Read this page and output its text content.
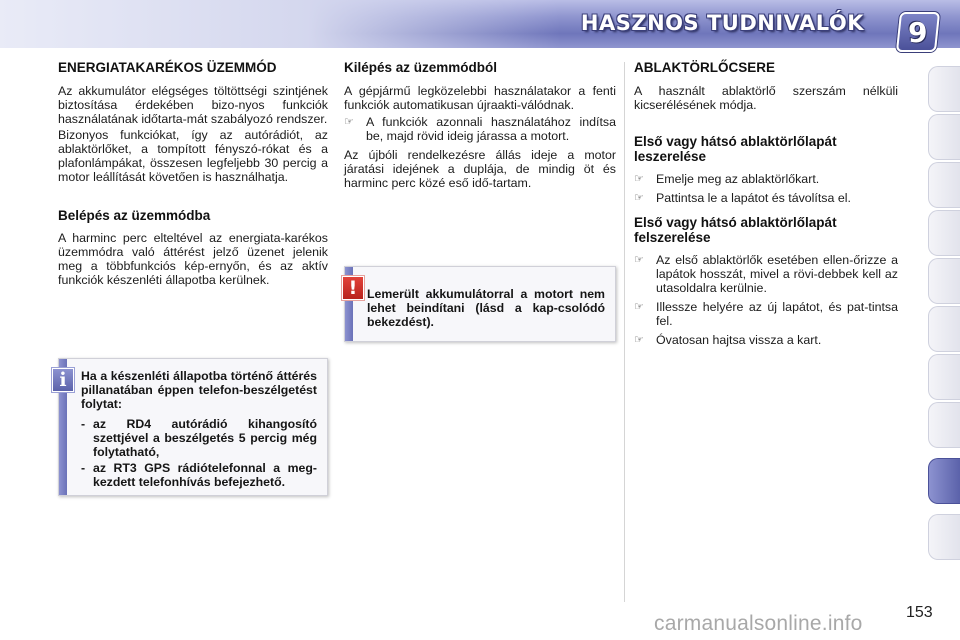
HASZNOS TUDNIVALÓK 9
ENERGIATAKARÉKOS ÜZEMMÓD

Az akkumulátor elégséges töltöttségi szintjének biztosítása érdekében bizo-nyos funkciók használatának időtarta-mát szabályozó rendszer.

Bizonyos funkciókat, így az autórádiót, az ablaktörlőket, a tompított fényszó-rókat és a plafonlámpákat, összesen legfeljebb 30 percig a motor leállítását követően is használhatja.

Belépés az üzemmódba

A harminc perc elteltével az energiata-karékos üzemmódra való áttérést jelző üzenet jelenik meg a többfunkciós kép-ernyőn, és az aktív funkciók készenléti állapotba kerülnek.

Ha a készenléti állapotba történő áttérés pillanatában éppen telefon-beszélgetést folytat:
- az RD4 autórádió kihangosító szettjével a beszélgetés 5 percig még folytatható,
- az RT3 GPS rádiótelefonnal a meg-kezdett telefonhívás befejezhető.
i
Kilépés az üzemmódból

A gépjármű legközelebbi használatakor a fenti funkciók automatikusan újraakti-válódnak.

☞ A funkciók azonnali használatához indítsa be, majd rövid ideig járassa a motort.

Az újbóli rendelkezésre állás ideje a motor járatási idejének a duplája, de mindig öt és harminc perc közé eső idő-tartam.

Lemerült akkumulátorral a motort nem lehet beindítani (lásd a kap-csolódó bekezdést).
!
ABLAKTÖRLŐCSERE

A használt ablaktörlő szerszám nélküli kicserélésének módja.

Első vagy hátsó ablaktörlőlapát leszerelése
☞ Emelje meg az ablaktörlőkart.
☞ Pattintsa le a lapátot és távolítsa el.
Első vagy hátsó ablaktörlőlapát felszerelése
☞ Az első ablaktörlők esetében ellen-őrizze a lapátok hosszát, mivel a rövi-debbek kell az utasoldalra kerülnie.
☞ Illessze helyére az új lapátot, és pat-tintsa fel.
☞ Óvatosan hajtsa vissza a kart.
153
carmanualsonline.info
